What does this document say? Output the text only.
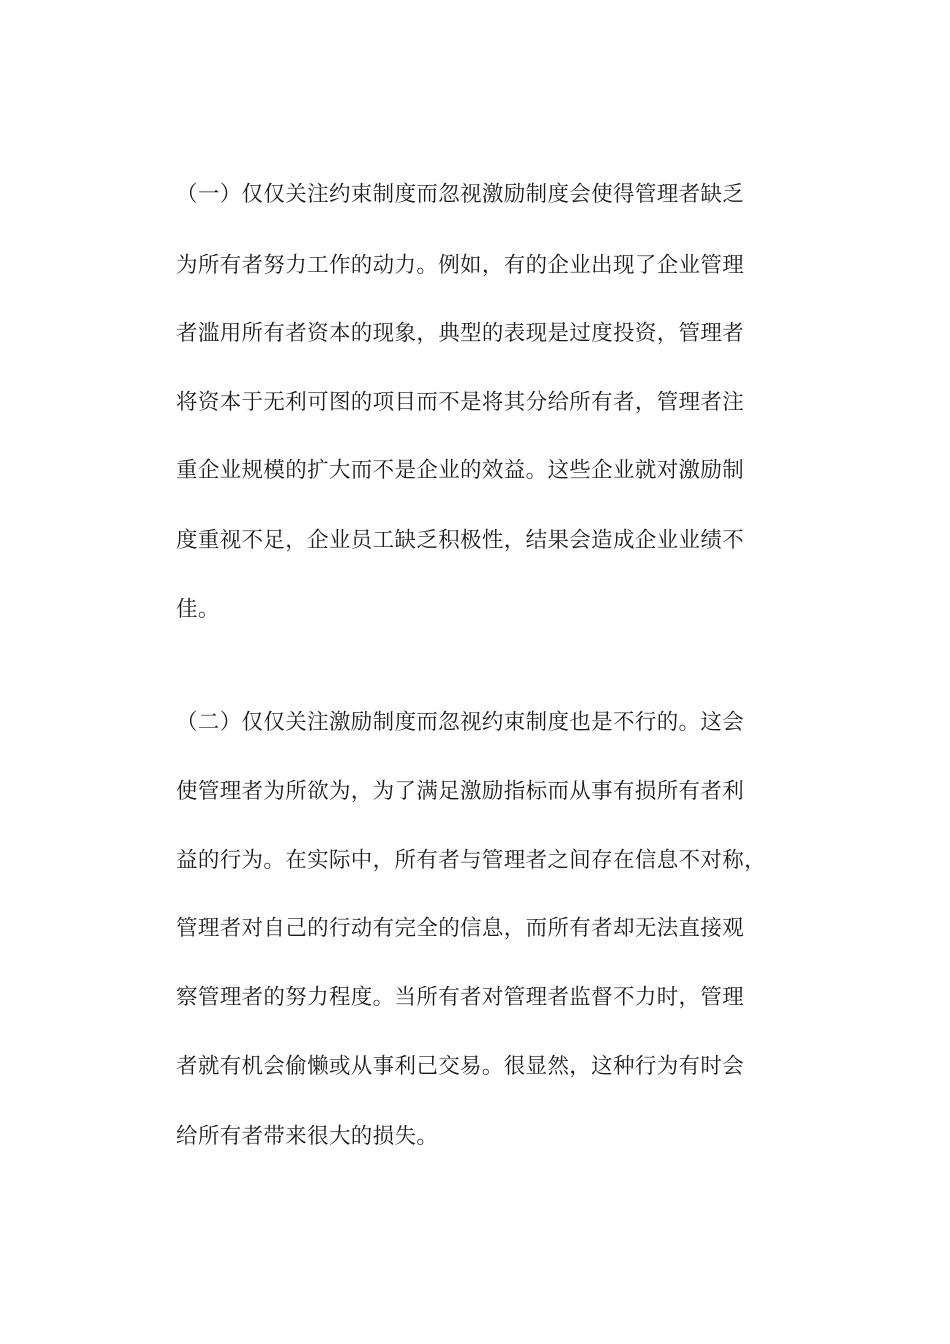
（一）仅仅关注约束制度而忽视激励制度会使得管理者缺乏
为所有者努力工作的动力。例如，有的企业出现了企业管理
者滥用所有者资本的现象，典型的表现是过度投资，管理者
将资本于无利可图的项目而不是将其分给所有者，管理者注
重企业规模的扩大而不是企业的效益。这些企业就对激励制
度重视不足，企业员工缺乏积极性，结果会造成企业业绩不
佳。
（二）仅仅关注激励制度而忽视约束制度也是不行的。这会
使管理者为所欲为，为了满足激励指标而从事有损所有者利
益的行为。在实际中，所有者与管理者之间存在信息不对称，
管理者对自己的行动有完全的信息，而所有者却无法直接观
察管理者的努力程度。当所有者对管理者监督不力时，管理
者就有机会偷懒或从事利己交易。很显然，这种行为有时会
给所有者带来很大的损失。
